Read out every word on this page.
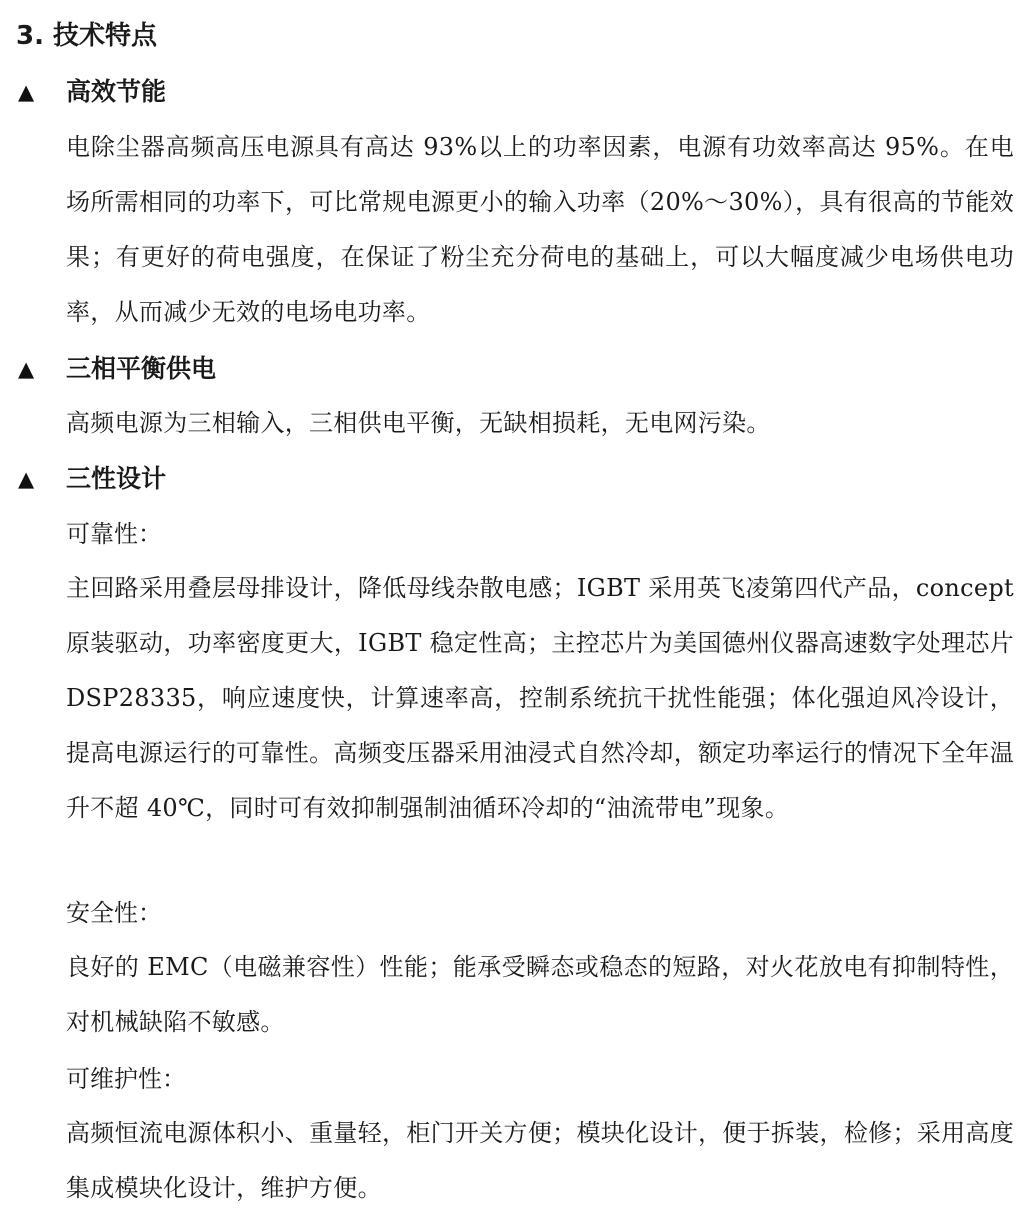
3. 技术特点
▲ 高效节能
电除尘器高频高压电源具有高达 93%以上的功率因素，电源有功效率高达 95%。在电场所需相同的功率下，可比常规电源更小的输入功率（20%～30%），具有很高的节能效果；有更好的荷电强度，在保证了粉尘充分荷电的基础上，可以大幅度减少电场供电功率，从而减少无效的电场电功率。
▲ 三相平衡供电
高频电源为三相输入，三相供电平衡，无缺相损耗，无电网污染。
▲ 三性设计
可靠性：
主回路采用叠层母排设计，降低母线杂散电感；IGBT 采用英飞凌第四代产品，concept 原装驱动，功率密度更大，IGBT 稳定性高；主控芯片为美国德州仪器高速数字处理芯片 DSP28335，响应速度快，计算速率高，控制系统抗干扰性能强；体化强迫风冷设计，提高电源运行的可靠性。高频变压器采用油浸式自然冷却，额定功率运行的情况下全年温升不超 40℃，同时可有效抑制强制油循环冷却的“油流带电”现象。
安全性：
良好的 EMC（电磁兼容性）性能；能承受瞬态或稳态的短路，对火花放电有抑制特性，对机械缺陷不敏感。
可维护性：
高频恒流电源体积小、重量轻，柜门开关方便；模块化设计，便于拆装，检修；采用高度集成模块化设计，维护方便。
